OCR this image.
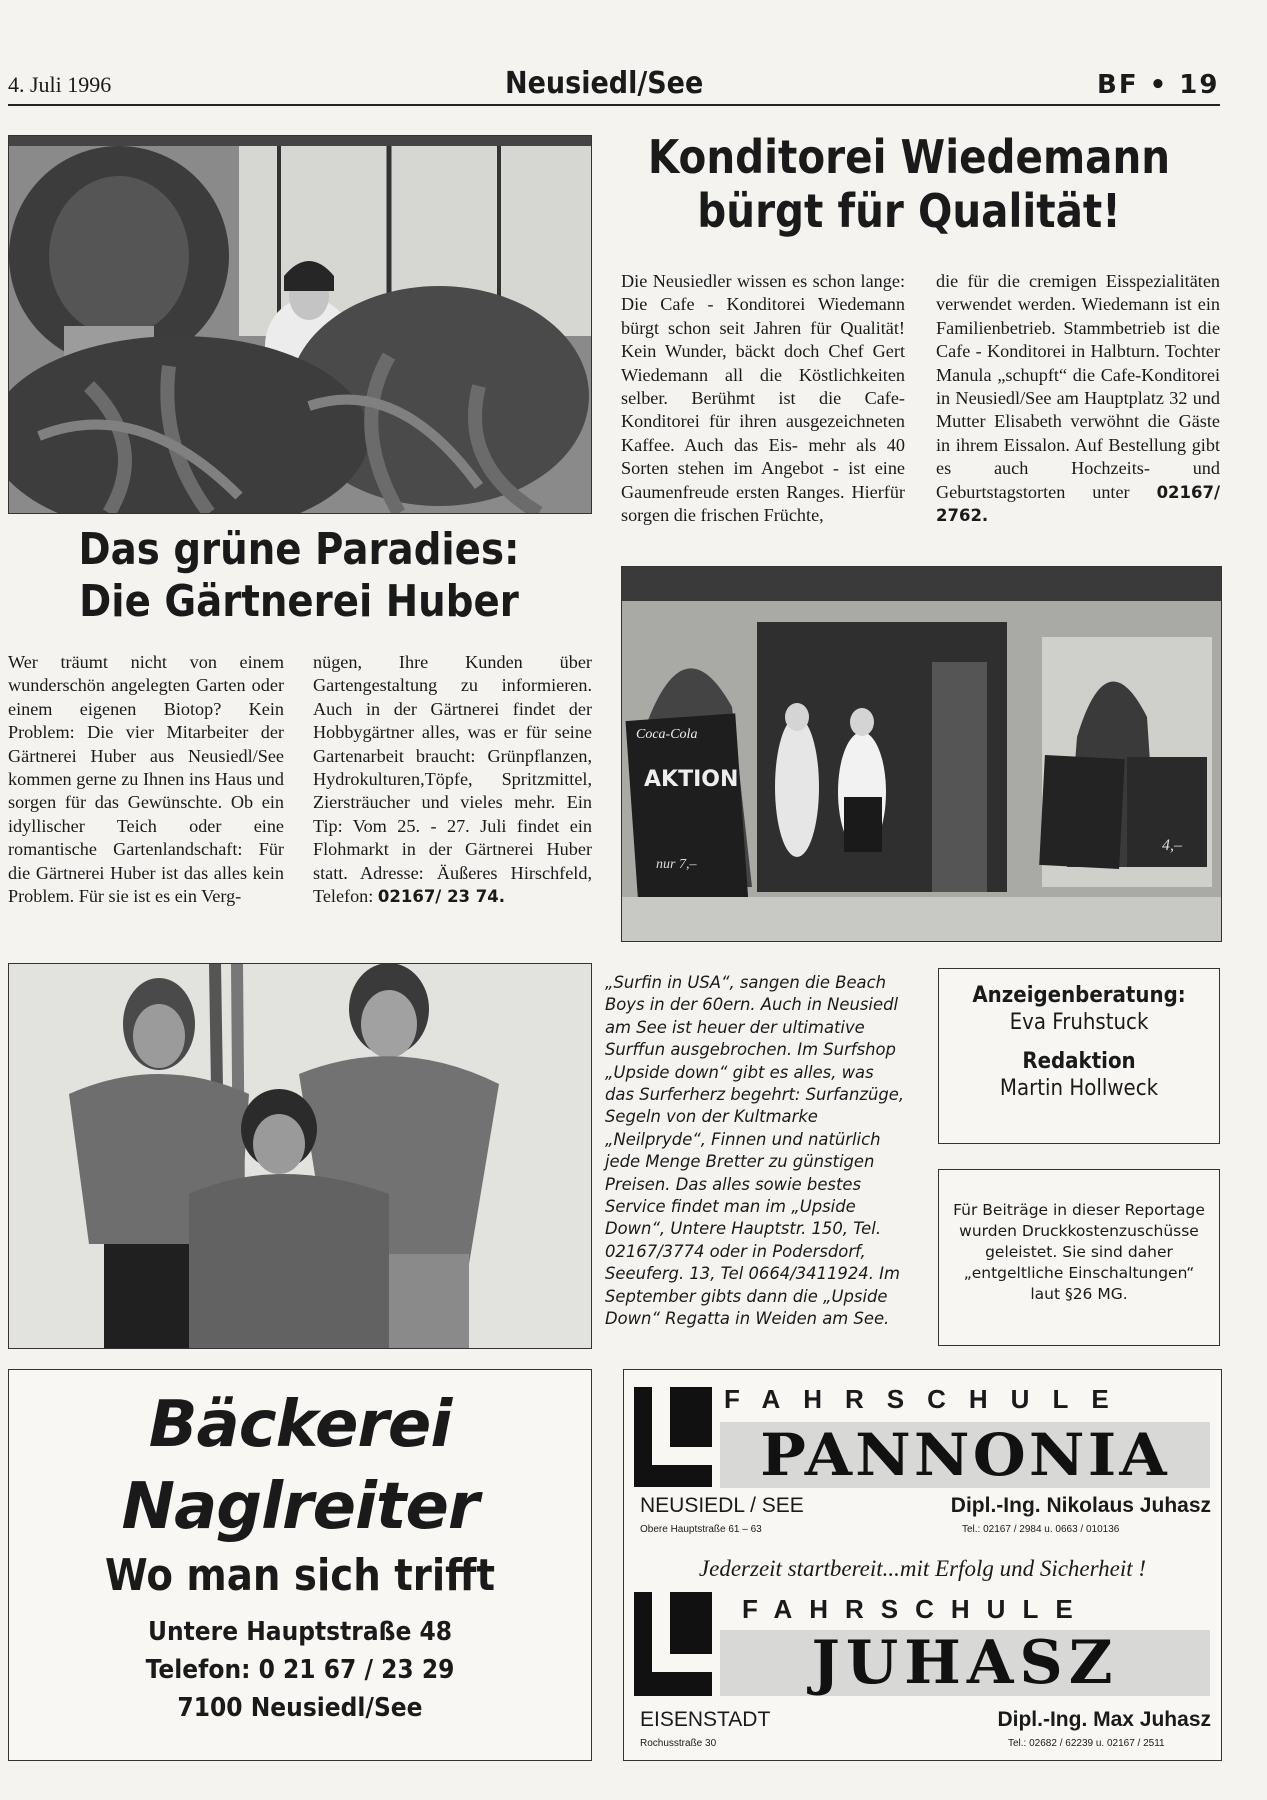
4. Juli 1996	Neusiedl/See	BF • 19
Konditorei Wiedemann
bürgt für Qualität!
Die Neusiedler wissen es schon lange: Die Cafe - Konditorei Wiedemann bürgt schon seit Jahren für Qualität! Kein Wunder, bäckt doch Chef Gert Wiedemann all die Köstlichkeiten selber. Berühmt ist die Cafe-Konditorei für ihren ausgezeichneten Kaffee. Auch das Eis- mehr als 40 Sorten stehen im Angebot - ist eine Gaumenfreude ersten Ranges. Hierfür sorgen die frischen Früchte,
die für die cremigen Eisspezialitäten verwendet werden. Wiedemann ist ein Familienbetrieb. Stammbetrieb ist die Cafe - Konditorei in Halbturn. Tochter Manula „schupft“ die Cafe-Konditorei in Neusiedl/See am Hauptplatz 32 und Mutter Elisabeth verwöhnt die Gäste in ihrem Eissalon. Auf Bestellung gibt es auch Hochzeits- und Geburtstagstorten unter 02167/ 2762.
Das grüne Paradies:
Die Gärtnerei Huber
Wer träumt nicht von einem wunderschön angelegten Garten oder einem eigenen Biotop? Kein Problem: Die vier Mitarbeiter der Gärtnerei Huber aus Neusiedl/See kommen gerne zu Ihnen ins Haus und sorgen für das Gewünschte. Ob ein idyllischer Teich oder eine romantische Gartenlandschaft: Für die Gärtnerei Huber ist das alles kein Problem. Für sie ist es ein Verg-
nügen, Ihre Kunden über Gartengestaltung zu informieren. Auch in der Gärtnerei findet der Hobbygärtner alles, was er für seine Gartenarbeit braucht: Grünpflanzen, Hydrokulturen,Töpfe, Spritzmittel, Ziersträucher und vieles mehr. Ein Tip: Vom 25. - 27. Juli findet ein Flohmarkt in der Gärtnerei Huber statt. Adresse: Äußeres Hirschfeld, Telefon: 02167/ 23 74.
Coca-Cola
AKTION
nur 7,–
4,–
„Surfin in USA“, sangen die Beach Boys in der 60ern. Auch in Neusiedl am See ist heuer der ultimative Surffun ausgebrochen. Im Surfshop „Upside down“ gibt es alles, was das Surferherz begehrt: Surfanzüge, Segeln von der Kultmarke „Neilpryde“, Finnen und natürlich jede Menge Bretter zu günstigen Preisen. Das alles sowie bestes Service findet man im „Upside Down“, Untere Hauptstr. 150, Tel. 02167/3774 oder in Podersdorf, Seeuferg. 13, Tel 0664/3411924. Im September gibts dann die „Upside Down“ Regatta in Weiden am See.
Anzeigenberatung:
Eva Fruhstuck
Redaktion
Martin Hollweck
Für Beiträge in dieser Reportage wurden Druckkostenzuschüsse geleistet. Sie sind daher „entgeltliche Einschaltungen“ laut §26 MG.
Bäckerei
Naglreiter
Wo man sich trifft
Untere Hauptstraße 48
Telefon: 0 21 67 / 23 29
7100 Neusiedl/See
FAHRSCHULE
PANNONIA
NEUSIEDL / SEE	Dipl.-Ing. Nikolaus Juhasz
Obere Hauptstraße 61 – 63	Tel.: 02167 / 2984 u. 0663 / 010136
Jederzeit startbereit...mit Erfolg und Sicherheit !
FAHRSCHULE
JUHASZ
EISENSTADT	Dipl.-Ing. Max Juhasz
Rochusstraße 30	Tel.: 02682 / 62239 u. 02167 / 2511
